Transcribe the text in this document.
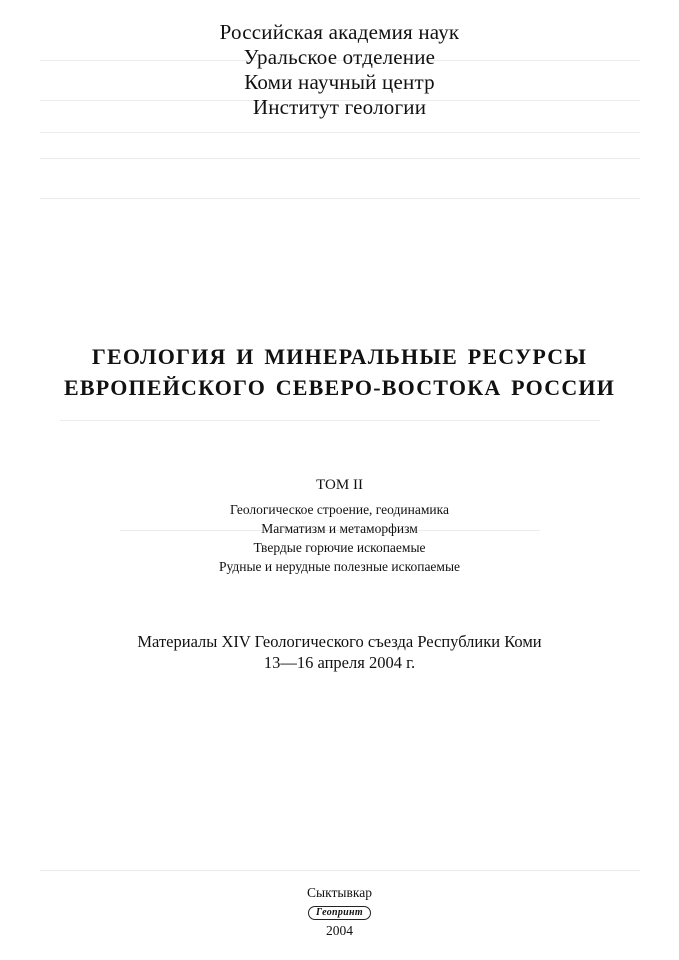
Российская академия наук
Уральское отделение
Коми научный центр
Институт геологии
ГЕОЛОГИЯ И МИНЕРАЛЬНЫЕ РЕСУРСЫ
ЕВРОПЕЙСКОГО СЕВЕРО-ВОСТОКА РОССИИ
ТОМ II
Геологическое строение, геодинамика
Магматизм и метаморфизм
Твердые горючие ископаемые
Рудные и нерудные полезные ископаемые
Материалы XIV Геологического съезда Республики Коми
13—16 апреля 2004 г.
Сыктывкар
Геопринт
2004
